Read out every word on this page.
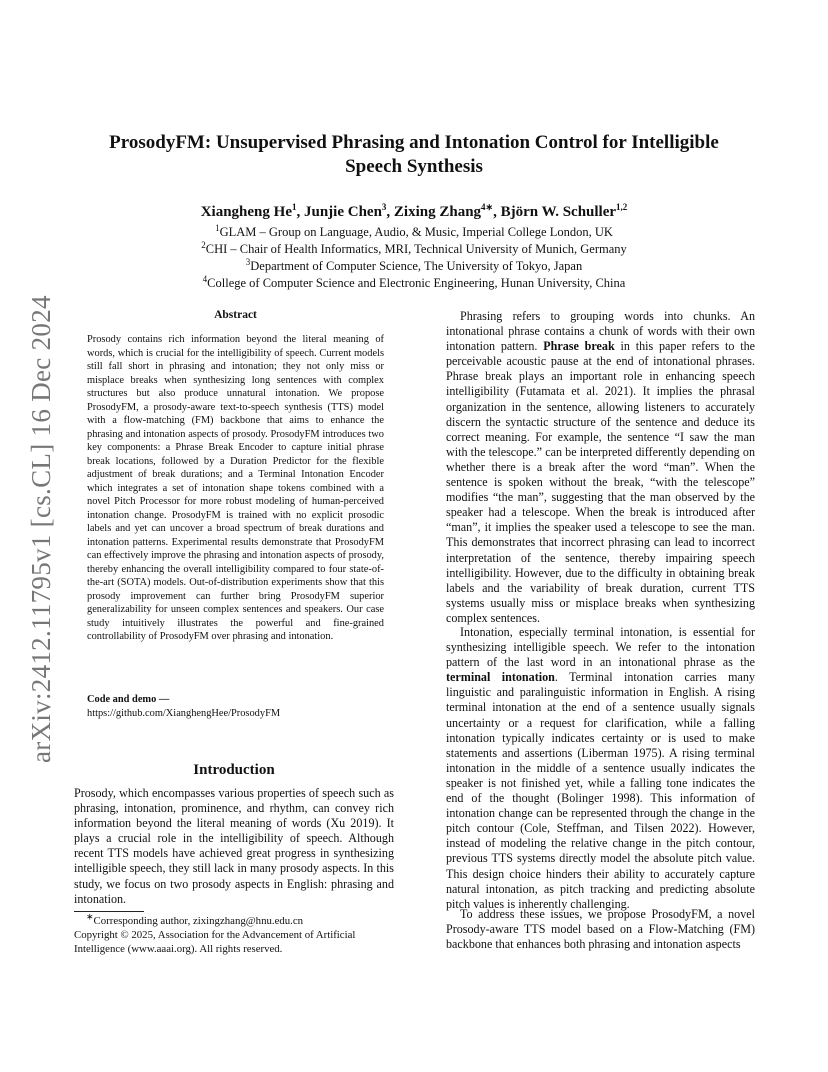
arXiv:2412.11795v1 [cs.CL] 16 Dec 2024
ProsodyFM: Unsupervised Phrasing and Intonation Control for Intelligible
Speech Synthesis
Xiangheng He$^1$, Junjie Chen$^3$, Zixing Zhang$^{4∗}$, Björn W. Schuller$^{1,2}$
$^1$GLAM – Group on Language, Audio, & Music, Imperial College London, UK
$^2$CHI – Chair of Health Informatics, MRI, Technical University of Munich, Germany
$^3$Department of Computer Science, The University of Tokyo, Japan
$^4$College of Computer Science and Electronic Engineering, Hunan University, China
Abstract
Prosody contains rich information beyond the literal meaning of words, which is crucial for the intelligibility of speech. Current models still fall short in phrasing and intonation; they not only miss or misplace breaks when synthesizing long sentences with complex structures but also produce unnatural intonation. We propose ProsodyFM, a prosody-aware text-to-speech synthesis (TTS) model with a flow-matching (FM) backbone that aims to enhance the phrasing and intonation aspects of prosody. ProsodyFM introduces two key components: a Phrase Break Encoder to capture initial phrase break locations, followed by a Duration Predictor for the flexible adjustment of break durations; and a Terminal Intonation Encoder which integrates a set of intonation shape tokens combined with a novel Pitch Processor for more robust modeling of human-perceived intonation change. ProsodyFM is trained with no explicit prosodic labels and yet can uncover a broad spectrum of break durations and intonation patterns. Experimental results demonstrate that ProsodyFM can effectively improve the phrasing and intonation aspects of prosody, thereby enhancing the overall intelligibility compared to four state-of-the-art (SOTA) models. Out-of-distribution experiments show that this prosody improvement can further bring ProsodyFM superior generalizability for unseen complex sentences and speakers. Our case study intuitively illustrates the powerful and fine-grained controllability of ProsodyFM over phrasing and intonation.
Code and demo —
https://github.com/XianghengHee/ProsodyFM
Introduction
Prosody, which encompasses various properties of speech such as phrasing, intonation, prominence, and rhythm, can convey rich information beyond the literal meaning of words (Xu 2019). It plays a crucial role in the intelligibility of speech. Although recent TTS models have achieved great progress in synthesizing intelligible speech, they still lack in many prosody aspects. In this study, we focus on two prosody aspects in English: phrasing and intonation.
∗Corresponding author, zixingzhang@hnu.edu.cn
Copyright © 2025, Association for the Advancement of Artificial Intelligence (www.aaai.org). All rights reserved.

Phrasing refers to grouping words into chunks. An intonational phrase contains a chunk of words with their own intonation pattern. Phrase break in this paper refers to the perceivable acoustic pause at the end of intonational phrases. Phrase break plays an important role in enhancing speech intelligibility (Futamata et al. 2021). It implies the phrasal organization in the sentence, allowing listeners to accurately discern the syntactic structure of the sentence and deduce its correct meaning. For example, the sentence “I saw the man with the telescope.” can be interpreted differently depending on whether there is a break after the word “man”. When the sentence is spoken without the break, “with the telescope” modifies “the man”, suggesting that the man observed by the speaker had a telescope. When the break is introduced after “man”, it implies the speaker used a telescope to see the man. This demonstrates that incorrect phrasing can lead to incorrect interpretation of the sentence, thereby impairing speech intelligibility. However, due to the difficulty in obtaining break labels and the variability of break duration, current TTS systems usually miss or misplace breaks when synthesizing complex sentences.

Intonation, especially terminal intonation, is essential for synthesizing intelligible speech. We refer to the intonation pattern of the last word in an intonational phrase as the terminal intonation. Terminal intonation carries many linguistic and paralinguistic information in English. A rising terminal intonation at the end of a sentence usually signals uncertainty or a request for clarification, while a falling intonation typically indicates certainty or is used to make statements and assertions (Liberman 1975). A rising terminal intonation in the middle of a sentence usually indicates the speaker is not finished yet, while a falling tone indicates the end of the thought (Bolinger 1998). This information of intonation change can be represented through the change in the pitch contour (Cole, Steffman, and Tilsen 2022). However, instead of modeling the relative change in the pitch contour, previous TTS systems directly model the absolute pitch value. This design choice hinders their ability to accurately capture natural intonation, as pitch tracking and predicting absolute pitch values is inherently challenging.

To address these issues, we propose ProsodyFM, a novel Prosody-aware TTS model based on a Flow-Matching (FM) backbone that enhances both phrasing and intonation aspects
